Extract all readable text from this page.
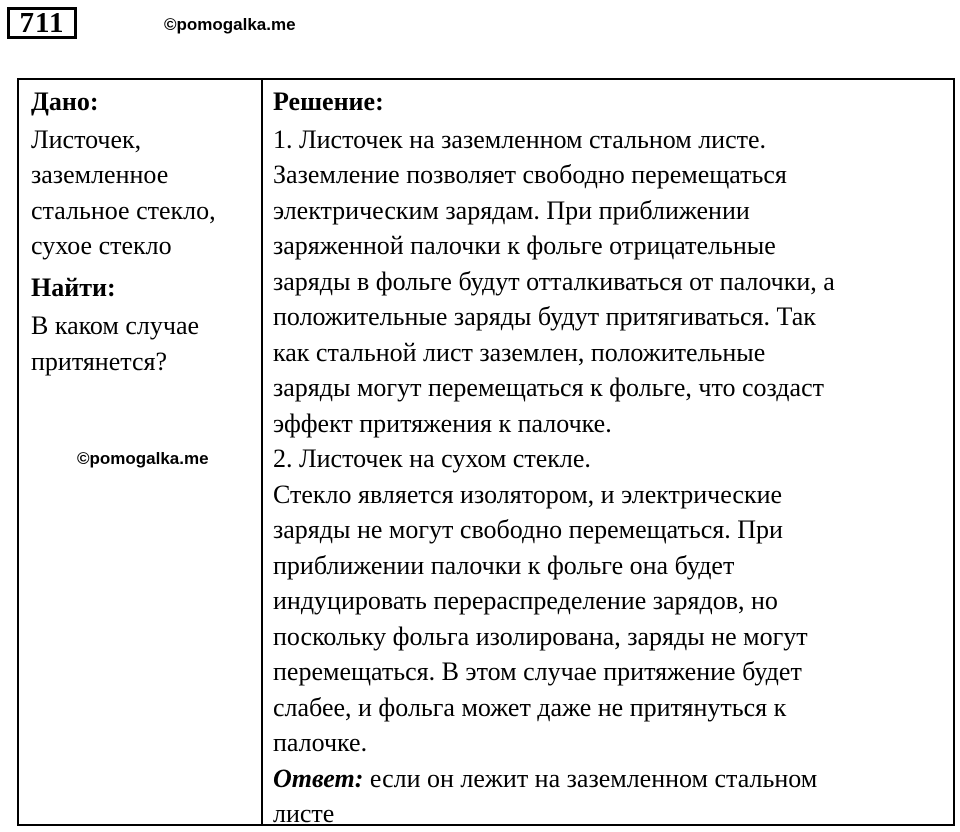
711	©pomogalka.me
Дано:
Листочек,
заземленное
стальное стекло,
сухое стекло
Найти:
В каком случае
притянется?
Решение:
1. Листочек на заземленном стальном листе.
Заземление позволяет свободно перемещаться
электрическим зарядам. При приближении
заряженной палочки к фольге отрицательные
заряды в фольге будут отталкиваться от палочки, а
положительные заряды будут притягиваться. Так
как стальной лист заземлен, положительные
заряды могут перемещаться к фольге, что создаст
эффект притяжения к палочке.
2. Листочек на сухом стекле.
Стекло является изолятором, и электрические
заряды не могут свободно перемещаться. При
приближении палочки к фольге она будет
индуцировать перераспределение зарядов, но
поскольку фольга изолирована, заряды не могут
перемещаться. В этом случае притяжение будет
слабее, и фольга может даже не притянуться к
палочке.
Ответ: если он лежит на заземленном стальном
листе
©pomogalka.me
